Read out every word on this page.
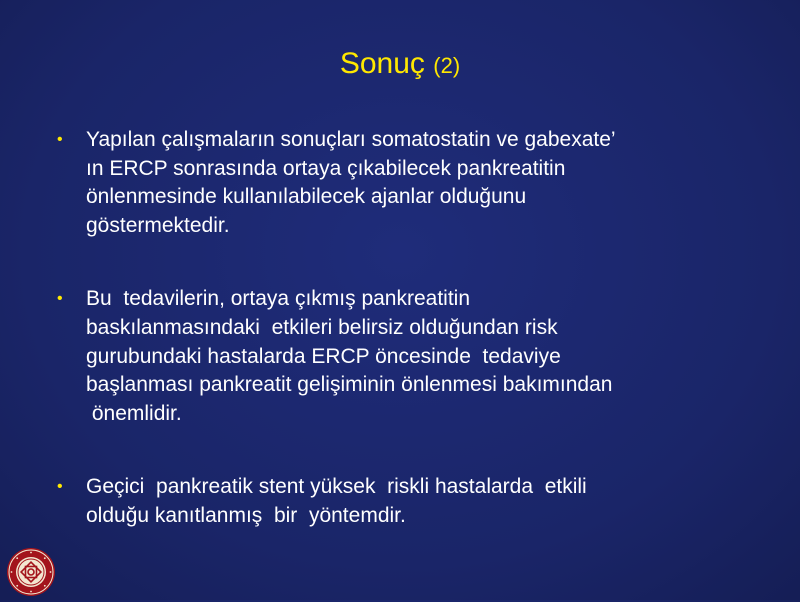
Sonuç (2)
• Yapılan çalışmaların sonuçları somatostatin ve gabexate’
ın ERCP sonrasında ortaya çıkabilecek pankreatitin
önlenmesinde kullanılabilecek ajanlar olduğunu
göstermektedir.
• Bu  tedavilerin, ortaya çıkmış pankreatitin
baskılanmasındaki  etkileri belirsiz olduğundan risk
gurubundaki hastalarda ERCP öncesinde  tedaviye
başlanması pankreatit gelişiminin önlenmesi bakımından
önemlidir.
• Geçici  pankreatik stent yüksek  riskli hastalarda  etkili
olduğu kanıtlanmış  bir  yöntemdir.
